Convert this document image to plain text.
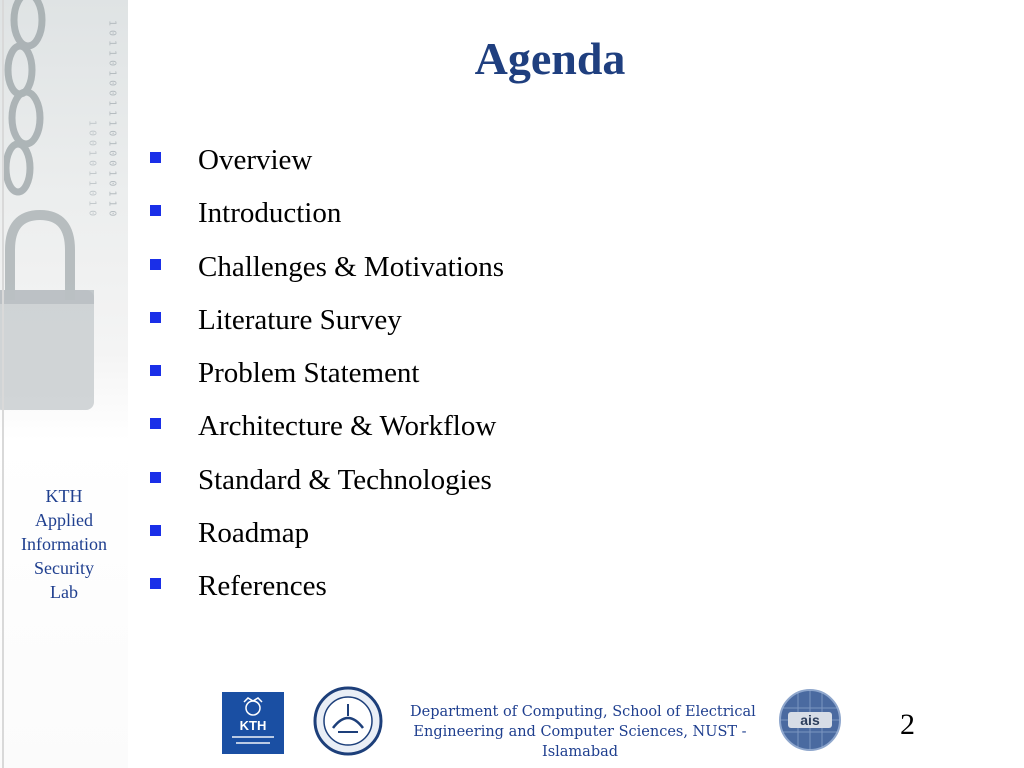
10110100111010010110
1001011010
KTH
Applied
Information
Security
Lab
Agenda
Overview
Introduction
Challenges & Motivations
Literature Survey
Problem Statement
Architecture & Workflow
Standard & Technologies
Roadmap
References
KTH
Department of Computing, School of Electrical
Engineering and Computer Sciences, NUST -
Islamabad
ais	2
